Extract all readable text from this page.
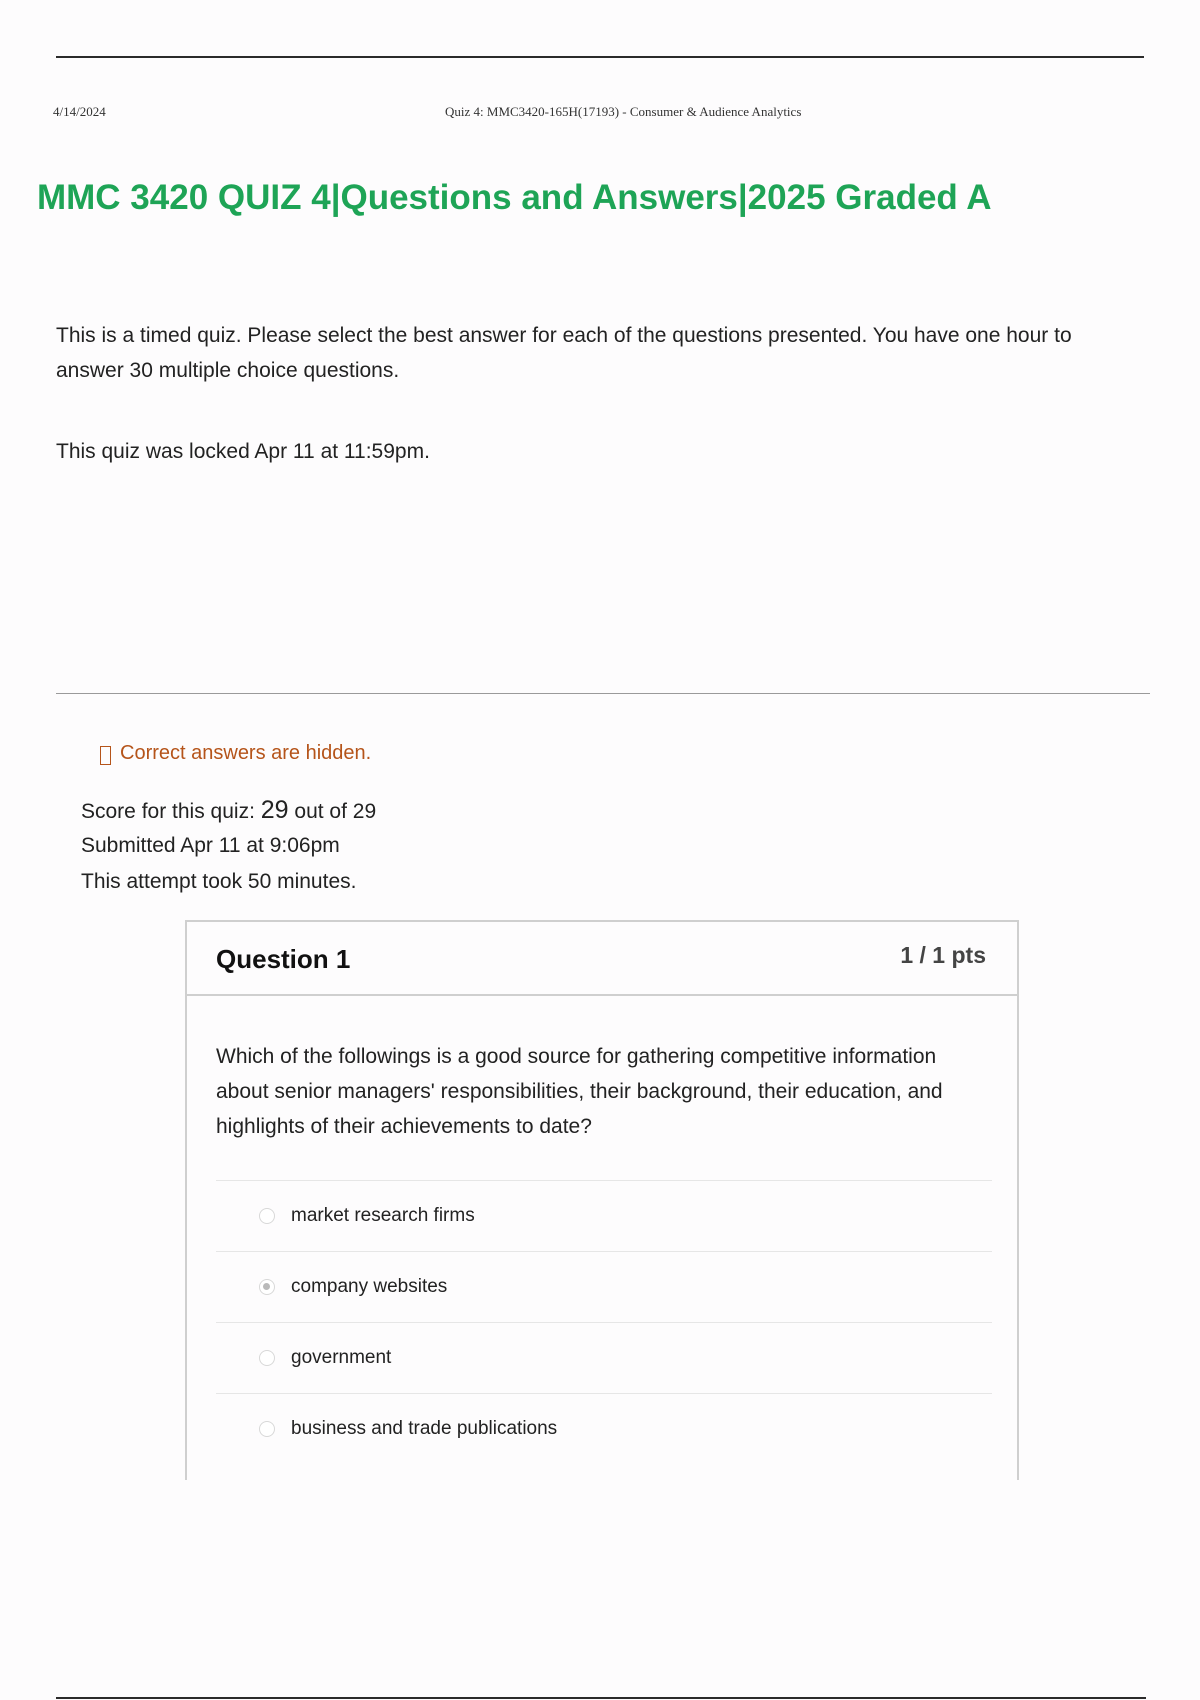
4/14/2024	Quiz 4: MMC3420-165H(17193) - Consumer & Audience Analytics
MMC 3420 QUIZ 4|Questions and Answers|2025 Graded A

This is a timed quiz. Please select the best answer for each of the questions presented. You have one hour to answer 30 multiple choice questions.

This quiz was locked Apr 11 at 11:59pm.

Correct answers are hidden.
Score for this quiz: 29 out of 29
Submitted Apr 11 at 9:06pm
This attempt took 50 minutes.
Question 1	1 / 1 pts

Which of the followings is a good source for gathering competitive information about senior managers' responsibilities, their background, their education, and highlights of their achievements to date?

market research firms
company websites
government
business and trade publications
